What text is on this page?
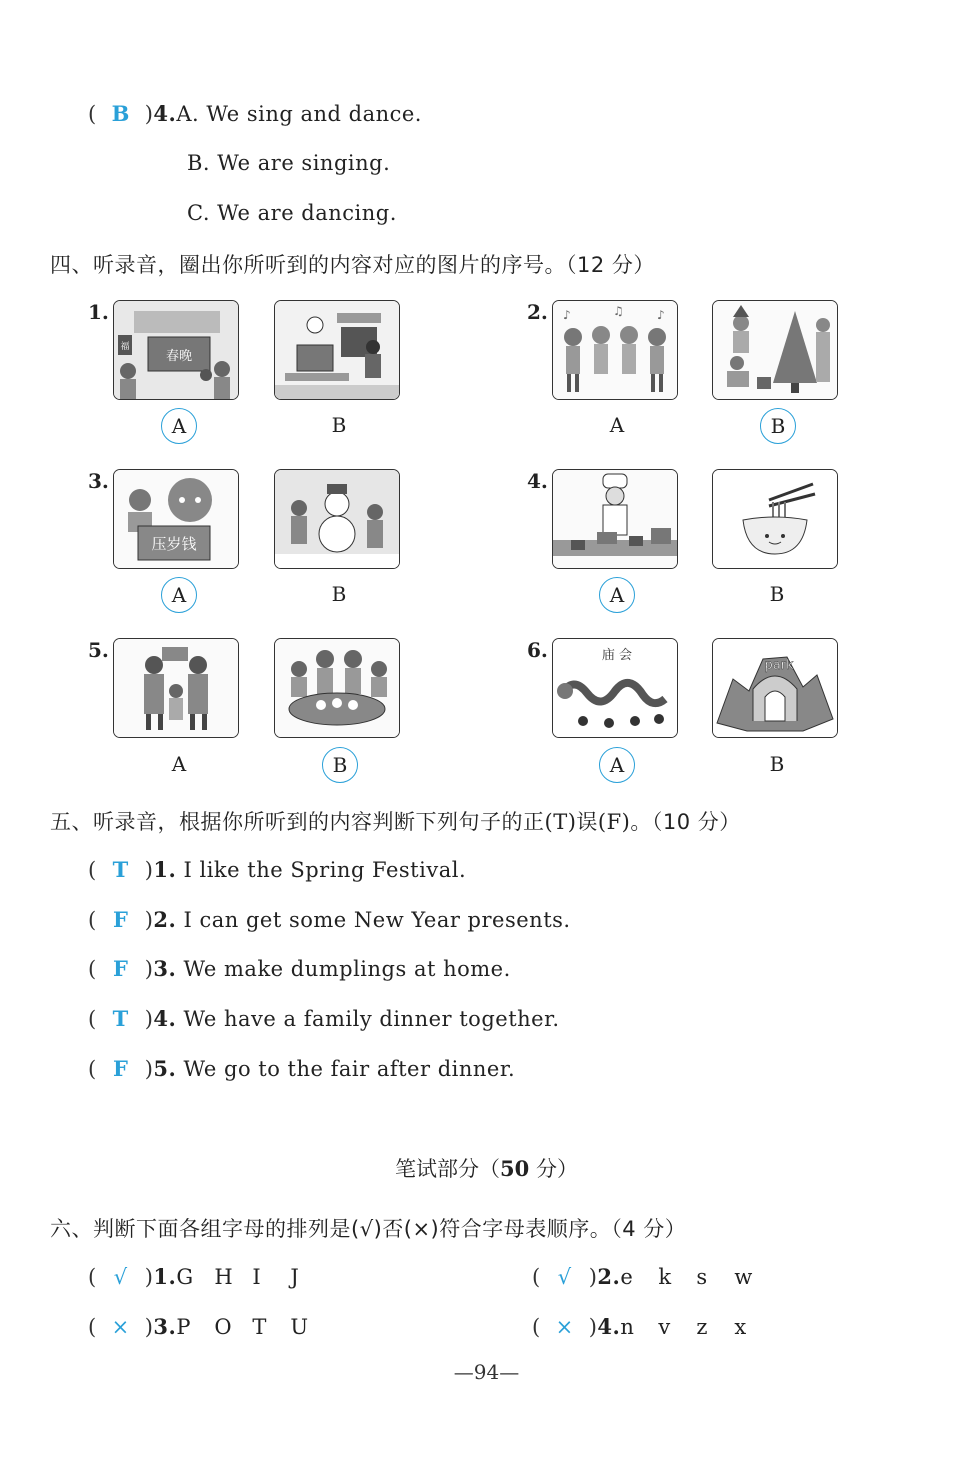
( B )4.A. We sing and dance.
B. We are singing.
C. We are dancing.
四、听录音，圈出你所听到的内容对应的图片的序号。（12 分）
1.
春晚
福
A	B
2. ♪	♫	♪
A	B
3.
压岁钱
A	B
4.
A	B
5.
A	B
6.	庙 会
A
park
B
五、听录音，根据你所听到的内容判断下列句子的正(T)误(F)。（10 分）
( T )1. I like the Spring Festival.
( F )2. I can get some New Year presents.
( F )3. We make dumplings at home.
( T )4. We have a family dinner together.
( F )5. We go to the fair after dinner.
笔试部分（50 分）
六、判断下面各组字母的排列是(√)否(×)符合字母表顺序。（4 分）
( √ )1.G H I J	( √ )2.e k s w
( × )3.P O T U	( × )4.n v z x
—94—
